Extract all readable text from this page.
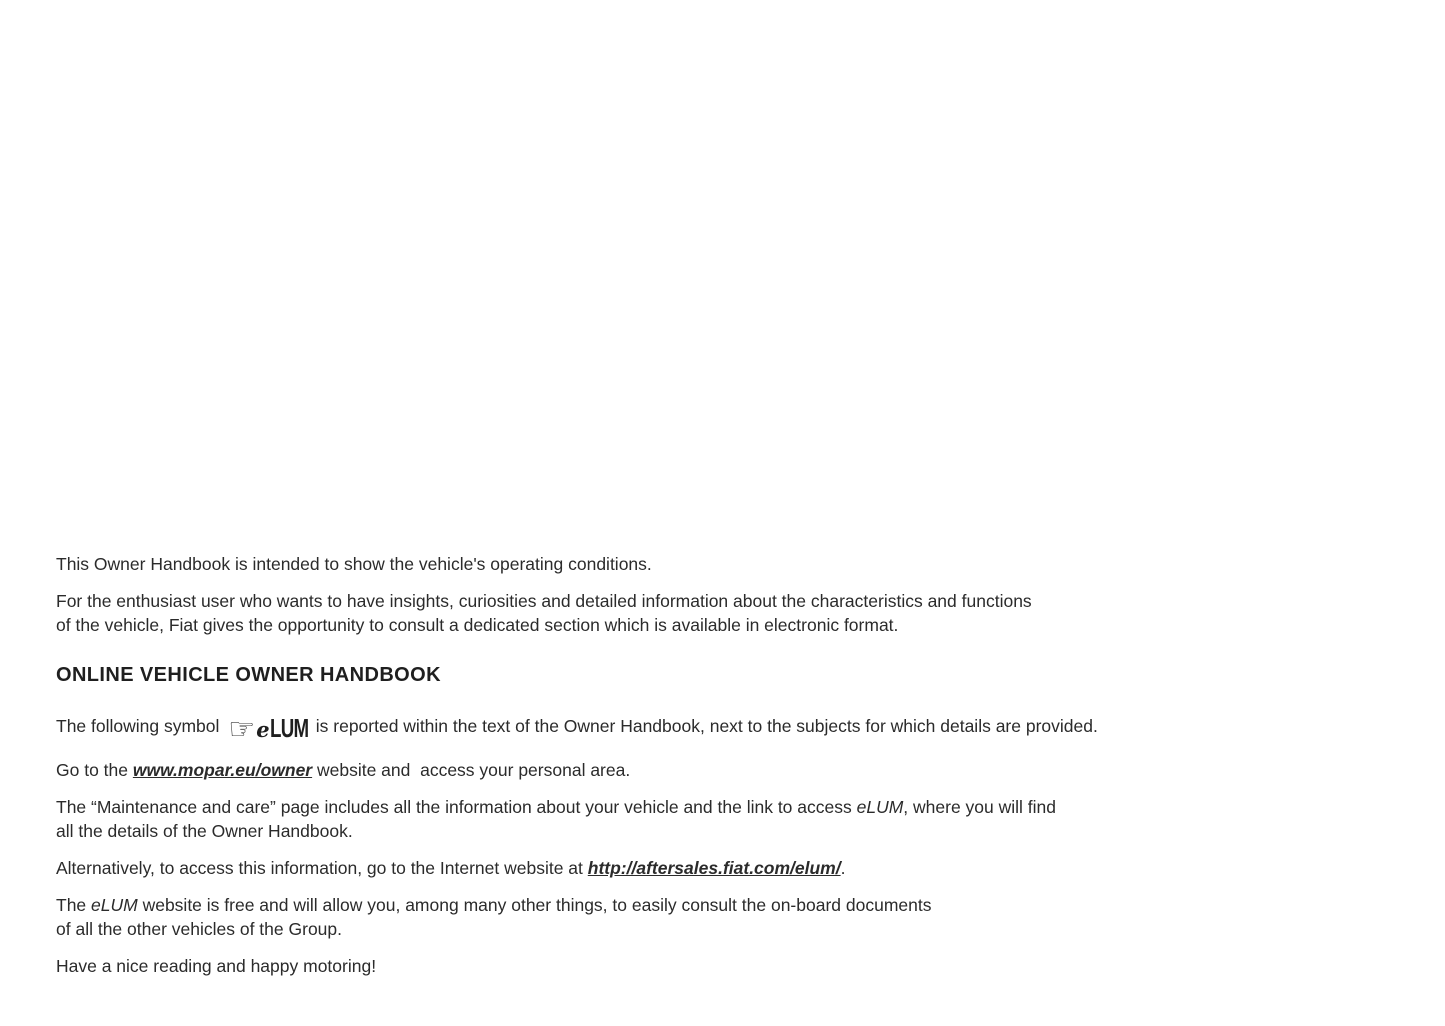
This Owner Handbook is intended to show the vehicle's operating conditions.

For the enthusiast user who wants to have insights, curiosities and detailed information about the characteristics and functions
of the vehicle, Fiat gives the opportunity to consult a dedicated section which is available in electronic format.

ONLINE VEHICLE OWNER HANDBOOK

The following symbol ☞eLUM is reported within the text of the Owner Handbook, next to the subjects for which details are provided.

Go to the www.mopar.eu/owner website and  access your personal area.

The “Maintenance and care” page includes all the information about your vehicle and the link to access eLUM, where you will find
all the details of the Owner Handbook.

Alternatively, to access this information, go to the Internet website at http://aftersales.fiat.com/elum/.

The eLUM website is free and will allow you, among many other things, to easily consult the on-board documents
of all the other vehicles of the Group.

Have a nice reading and happy motoring!
